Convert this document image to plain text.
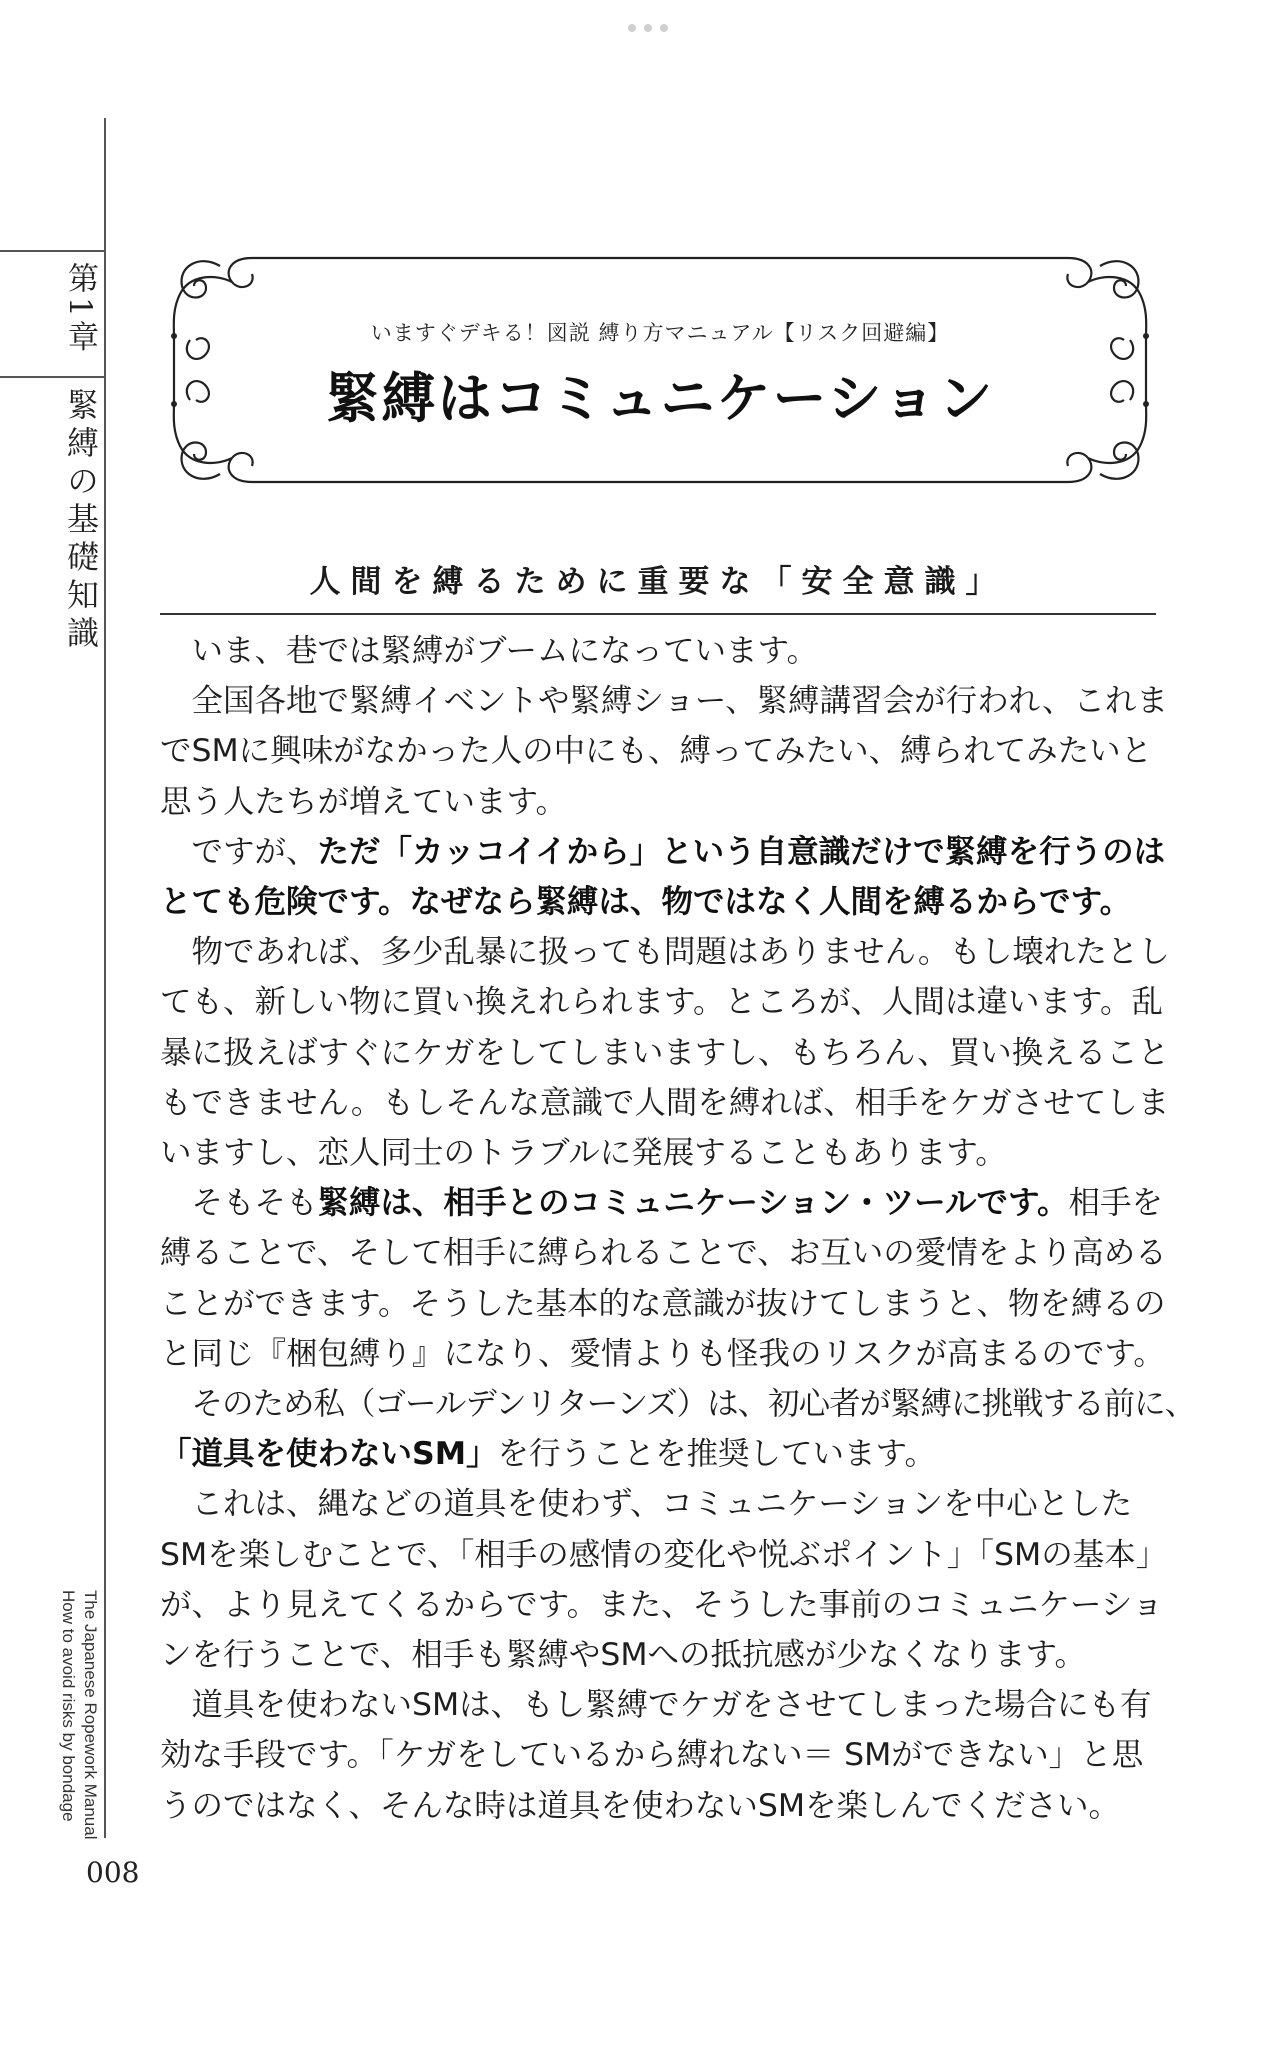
第1章
緊縛の基礎知識
The Japanese Ropework Manual
How to avoid risks by bondage
008
いますぐデキる！図説 縛り方マニュアル【リスク回避編】
緊縛はコミュニケーション
人間を縛るために重要な「安全意識」

いま、巷では緊縛がブームになっています。

全国各地で緊縛イベントや緊縛ショー、緊縛講習会が行われ、これま
でSMに興味がなかった人の中にも、縛ってみたい、縛られてみたいと
思う人たちが増えています。

ですが、ただ「カッコイイから」という自意識だけで緊縛を行うのは
とても危険です。なぜなら緊縛は、物ではなく人間を縛るからです。

物であれば、多少乱暴に扱っても問題はありません。もし壊れたとし
ても、新しい物に買い換えれられます。ところが、人間は違います。乱
暴に扱えばすぐにケガをしてしまいますし、もちろん、買い換えること
もできません。もしそんな意識で人間を縛れば、相手をケガさせてしま
いますし、恋人同士のトラブルに発展することもあります。

そもそも緊縛は、相手とのコミュニケーション・ツールです。相手を
縛ることで、そして相手に縛られることで、お互いの愛情をより高める
ことができます。そうした基本的な意識が抜けてしまうと、物を縛るの
と同じ『梱包縛り』になり、愛情よりも怪我のリスクが高まるのです。

そのため私（ゴールデンリターンズ）は、初心者が緊縛に挑戦する前に、
「道具を使わないSM」を行うことを推奨しています。

これは、縄などの道具を使わず、コミュニケーションを中心とした
SMを楽しむことで、「相手の感情の変化や悦ぶポイント」「SMの基本」
が、より見えてくるからです。また、そうした事前のコミュニケーショ
ンを行うことで、相手も緊縛やSMへの抵抗感が少なくなります。

道具を使わないSMは、もし緊縛でケガをさせてしまった場合にも有
効な手段です。「ケガをしているから縛れない＝ SMができない」と思
うのではなく、そんな時は道具を使わないSMを楽しんでください。
